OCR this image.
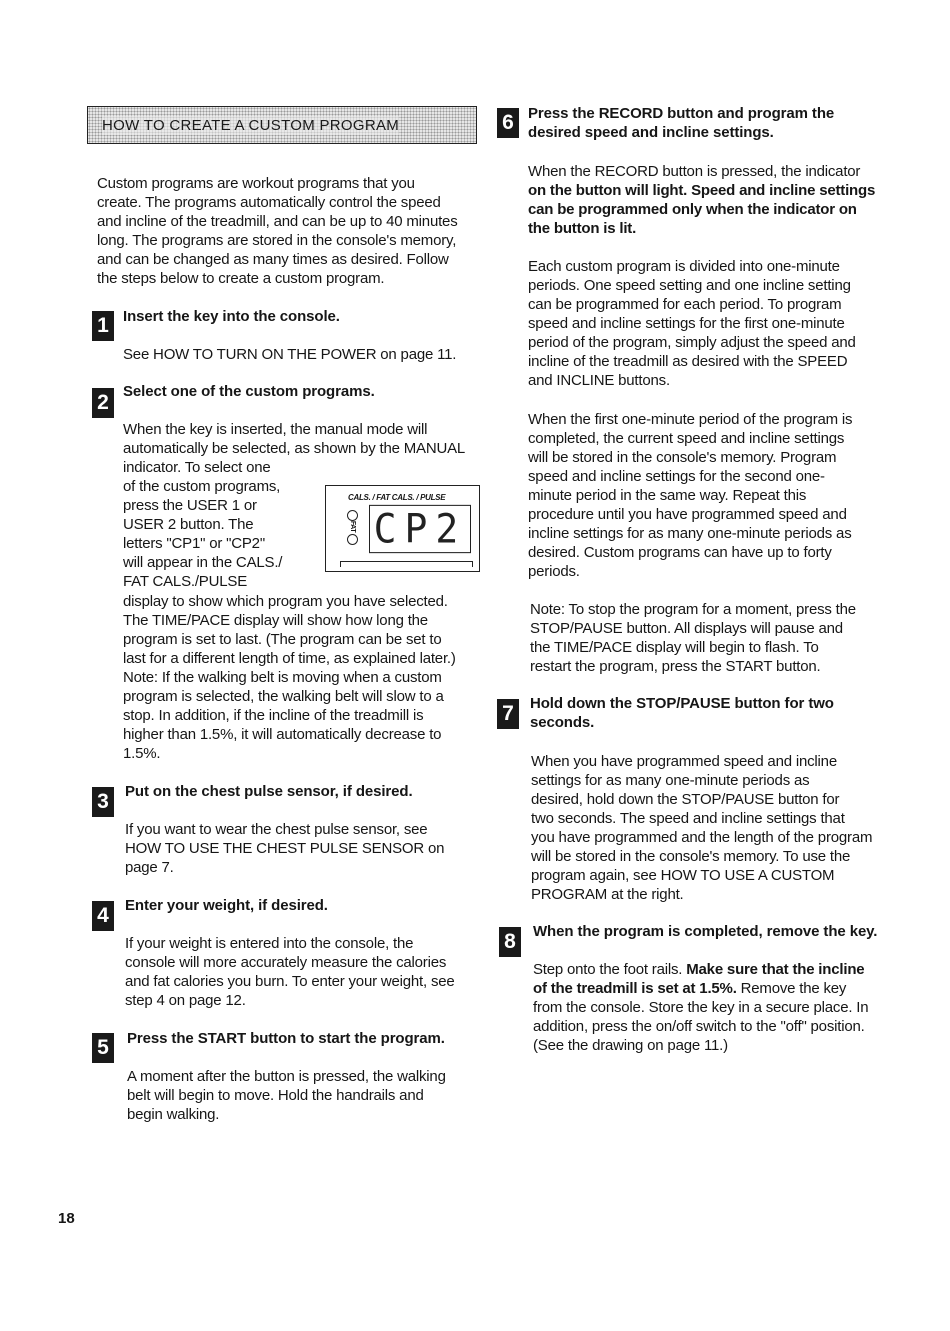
HOW TO CREATE A CUSTOM PROGRAM
Custom programs are workout programs that you
create. The programs automatically control the speed
and incline of the treadmill, and can be up to 40 minutes
long. The programs are stored in the console's memory,
and can be changed as many times as desired. Follow
the steps below to create a custom program.
1 Insert the key into the console.
See HOW TO TURN ON THE POWER on page 11.
2 Select one of the custom programs.
When the key is inserted, the manual mode will
automatically be selected, as shown by the MANUAL
indicator. To select one
of the custom programs,
press the USER 1 or
USER 2 button. The
letters "CP1" or "CP2"
will appear in the CALS./
FAT CALS./PULSE
CALS. / FAT CALS. / PULSE
FAT CP2
display to show which program you have selected.
The TIME/PACE display will show how long the
program is set to last. (The program can be set to
last for a different length of time, as explained later.)
Note: If the walking belt is moving when a custom
program is selected, the walking belt will slow to a
stop. In addition, if the incline of the treadmill is
higher than 1.5%, it will automatically decrease to
1.5%.
3	Put on the chest pulse sensor, if desired.
If you want to wear the chest pulse sensor, see
HOW TO USE THE CHEST PULSE SENSOR on
page 7.
4	Enter your weight, if desired.
If your weight is entered into the console, the
console will more accurately measure the calories
and fat calories you burn. To enter your weight, see
step 4 on page 12.
5	Press the START button to start the program.
A moment after the button is pressed, the walking
belt will begin to move. Hold the handrails and
begin walking.
6 Press the RECORD button and program the
desired speed and incline settings.
When the RECORD button is pressed, the indicator
on the button will light. Speed and incline settings
can be programmed only when the indicator on
the button is lit.
Each custom program is divided into one-minute
periods. One speed setting and one incline setting
can be programmed for each period. To program
speed and incline settings for the first one-minute
period of the program, simply adjust the speed and
incline of the treadmill as desired with the SPEED
and INCLINE buttons.
When the first one-minute period of the program is
completed, the current speed and incline settings
will be stored in the console's memory. Program
speed and incline settings for the second one-
minute period in the same way. Repeat this
procedure until you have programmed speed and
incline settings for as many one-minute periods as
desired. Custom programs can have up to forty
periods.
Note: To stop the program for a moment, press the
STOP/PAUSE button. All displays will pause and
the TIME/PACE display will begin to flash. To
restart the program, press the START button.
7	Hold down the STOP/PAUSE button for two
seconds.
When you have programmed speed and incline
settings for as many one-minute periods as
desired, hold down the STOP/PAUSE button for
two seconds. The speed and incline settings that
you have programmed and the length of the program
will be stored in the console's memory. To use the
program again, see HOW TO USE A CUSTOM
PROGRAM at the right.
8	When the program is completed, remove the key.
Step onto the foot rails. Make sure that the incline
of the treadmill is set at 1.5%. Remove the key
from the console. Store the key in a secure place. In
addition, press the on/off switch to the "off" position.
(See the drawing on page 11.)
18
